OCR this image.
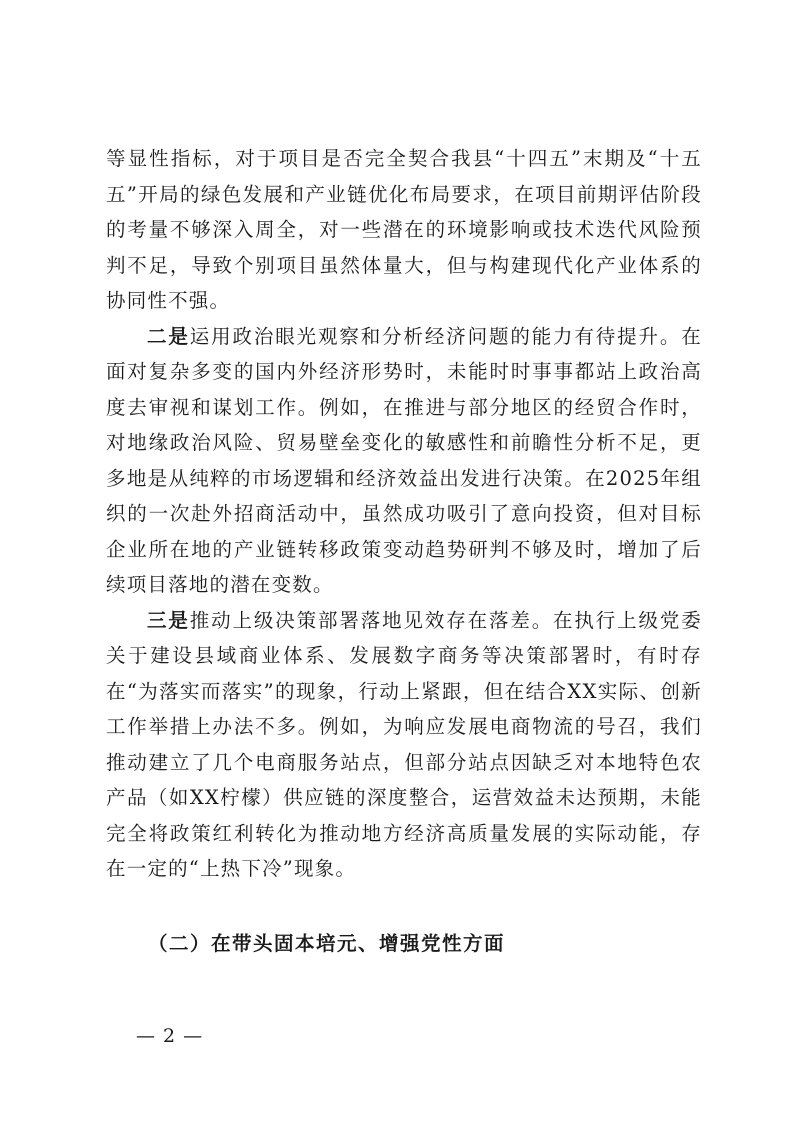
等显性指标，对于项目是否完全契合我县“十四五”末期及“十五五”开局的绿色发展和产业链优化布局要求，在项目前期评估阶段的考量不够深入周全，对一些潜在的环境影响或技术迭代风险预判不足，导致个别项目虽然体量大，但与构建现代化产业体系的协同性不强。

二是运用政治眼光观察和分析经济问题的能力有待提升。在面对复杂多变的国内外经济形势时，未能时时事事都站上政治高度去审视和谋划工作。例如，在推进与部分地区的经贸合作时，对地缘政治风险、贸易壁垒变化的敏感性和前瞻性分析不足，更多地是从纯粹的市场逻辑和经济效益出发进行决策。在2025年组织的一次赴外招商活动中，虽然成功吸引了意向投资，但对目标企业所在地的产业链转移政策变动趋势研判不够及时，增加了后续项目落地的潜在变数。

三是推动上级决策部署落地见效存在落差。在执行上级党委关于建设县域商业体系、发展数字商务等决策部署时，有时存在“为落实而落实”的现象，行动上紧跟，但在结合XX实际、创新工作举措上办法不多。例如，为响应发展电商物流的号召，我们推动建立了几个电商服务站点，但部分站点因缺乏对本地特色农产品（如XX柠檬）供应链的深度整合，运营效益未达预期，未能完全将政策红利转化为推动地方经济高质量发展的实际动能，存在一定的“上热下冷”现象。

（二）在带头固本培元、增强党性方面
— 2 —
